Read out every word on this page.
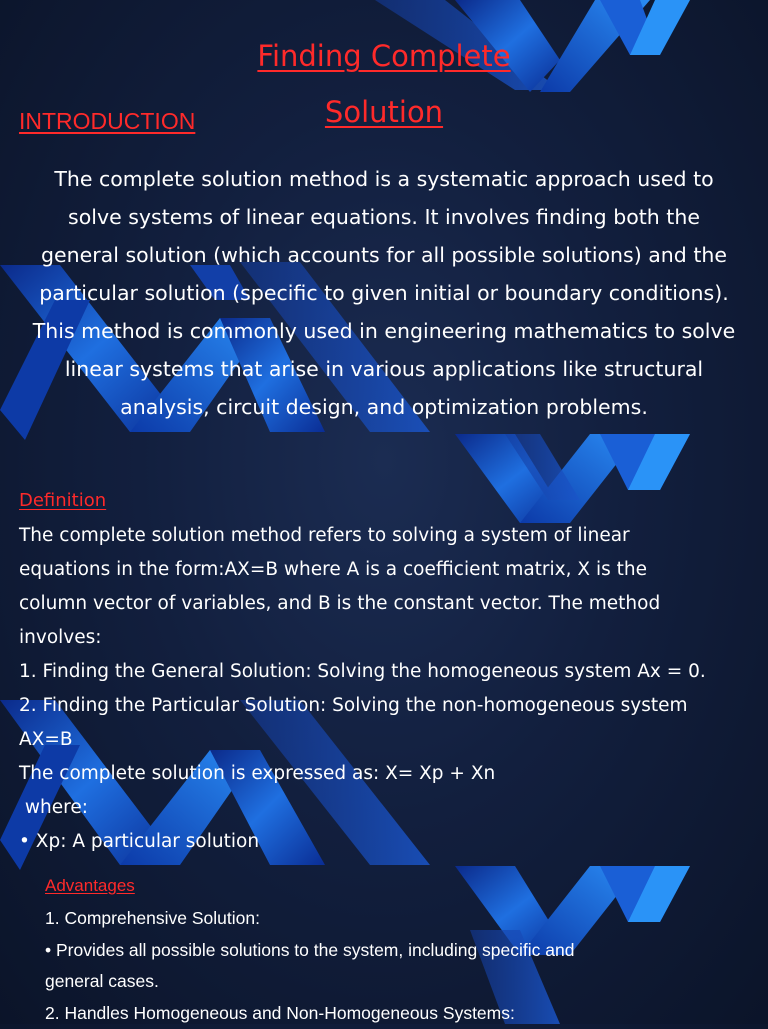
Finding Complete
Solution
INTRODUCTION
The complete solution method is a systematic approach used to
solve systems of linear equations. It involves finding both the
general solution (which accounts for all possible solutions) and the
particular solution (specific to given initial or boundary conditions).
This method is commonly used in engineering mathematics to solve
linear systems that arise in various applications like structural
analysis, circuit design, and optimization problems.
Definition
The complete solution method refers to solving a system of linear
equations in the form:AX=B where A is a coefficient matrix, X is the
column vector of variables, and B is the constant vector. The method
involves:
1. Finding the General Solution: Solving the homogeneous system Ax = 0.
2. Finding the Particular Solution: Solving the non-homogeneous system
AX=B
The complete solution is expressed as: X= Xp + Xn
where:
• Xp: A particular solution
Advantages
1. Comprehensive Solution:
• Provides all possible solutions to the system, including specific and
general cases.
2. Handles Homogeneous and Non-Homogeneous Systems:
